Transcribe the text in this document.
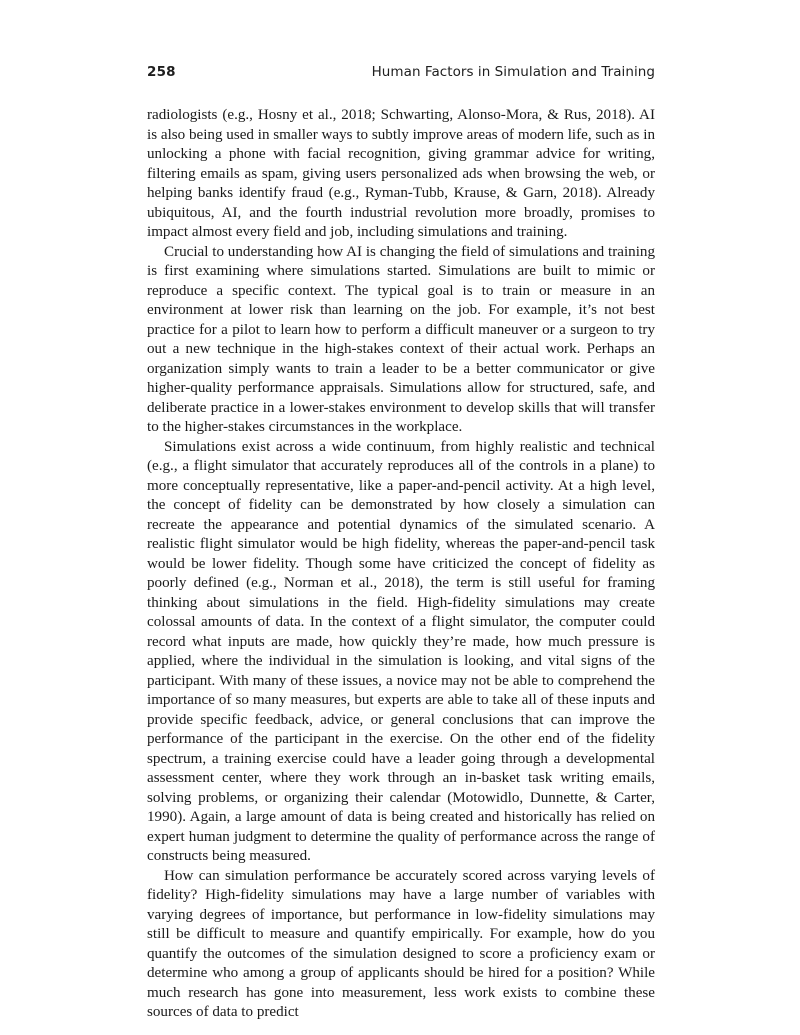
258	Human Factors in Simulation and Training

radiologists (e.g., Hosny et al., 2018; Schwarting, Alonso-Mora, & Rus, 2018). AI is also being used in smaller ways to subtly improve areas of modern life, such as in unlocking a phone with facial recognition, giving grammar advice for writing, filtering emails as spam, giving users personalized ads when browsing the web, or helping banks identify fraud (e.g., Ryman-Tubb, Krause, & Garn, 2018). Already ubiquitous, AI, and the fourth industrial revolution more broadly, promises to impact almost every field and job, including simulations and training.

Crucial to understanding how AI is changing the field of simulations and training is first examining where simulations started. Simulations are built to mimic or reproduce a specific context. The typical goal is to train or measure in an environment at lower risk than learning on the job. For example, it’s not best practice for a pilot to learn how to perform a difficult maneuver or a surgeon to try out a new technique in the high-stakes context of their actual work. Perhaps an organization simply wants to train a leader to be a better communicator or give higher-quality performance appraisals. Simulations allow for structured, safe, and deliberate practice in a lower-stakes environment to develop skills that will transfer to the higher-stakes circumstances in the workplace.

Simulations exist across a wide continuum, from highly realistic and technical (e.g., a flight simulator that accurately reproduces all of the controls in a plane) to more conceptually representative, like a paper-and-pencil activity. At a high level, the concept of fidelity can be demonstrated by how closely a simulation can recreate the appearance and potential dynamics of the simulated scenario. A realistic flight simulator would be high fidelity, whereas the paper-and-pencil task would be lower fidelity. Though some have criticized the concept of fidelity as poorly defined (e.g., Norman et al., 2018), the term is still useful for framing thinking about simulations in the field. High-fidelity simulations may create colossal amounts of data. In the context of a flight simulator, the computer could record what inputs are made, how quickly they’re made, how much pressure is applied, where the individual in the simulation is looking, and vital signs of the participant. With many of these issues, a novice may not be able to comprehend the importance of so many measures, but experts are able to take all of these inputs and provide specific feedback, advice, or general conclusions that can improve the performance of the participant in the exercise. On the other end of the fidelity spectrum, a training exercise could have a leader going through a developmental assessment center, where they work through an in-basket task writing emails, solving problems, or organizing their calendar (Motowidlo, Dunnette, & Carter, 1990). Again, a large amount of data is being created and historically has relied on expert human judgment to determine the quality of performance across the range of constructs being measured.

How can simulation performance be accurately scored across varying levels of fidelity? High-fidelity simulations may have a large number of variables with varying degrees of importance, but performance in low-fidelity simulations may still be difficult to measure and quantify empirically. For example, how do you quantify the outcomes of the simulation designed to score a proficiency exam or determine who among a group of applicants should be hired for a position? While much research has gone into measurement, less work exists to combine these sources of data to predict
